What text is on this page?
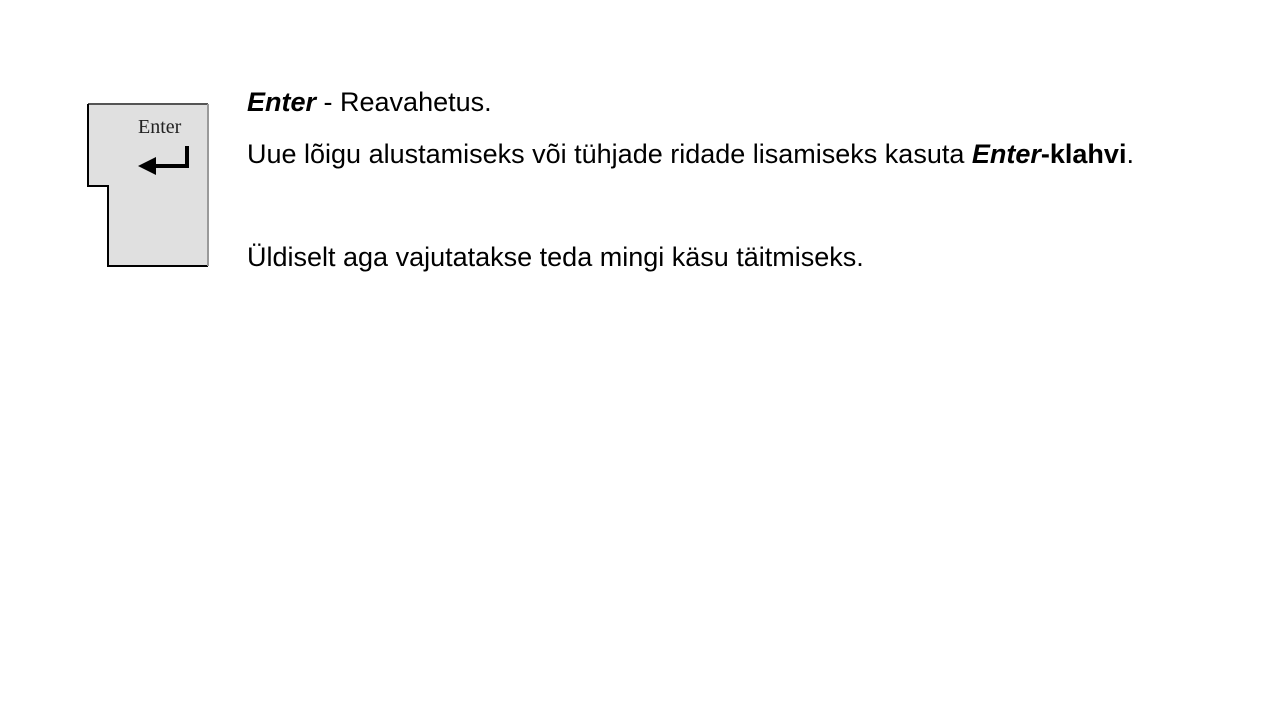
Enter

Enter - Reavahetus.

Uue lõigu alustamiseks või tühjade ridade lisamiseks kasuta Enter-klahvi.

Üldiselt aga vajutatakse teda mingi käsu täitmiseks.
